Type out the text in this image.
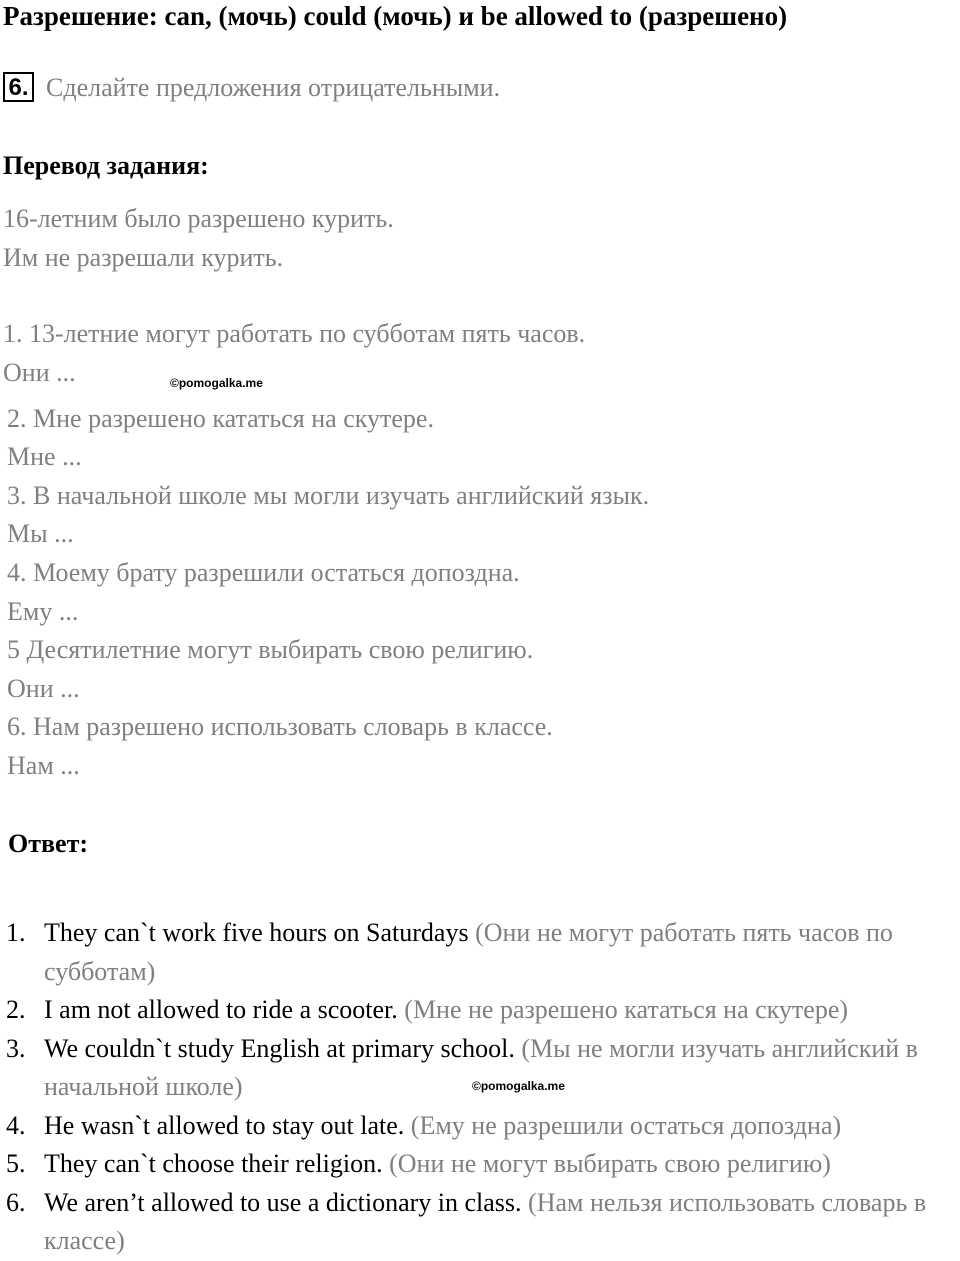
Разрешение: can, (мочь) could (мочь) и be allowed to (разрешено)
6. Сделайте предложения отрицательными.
Перевод задания:
16-летним было разрешено курить.
Им не разрешали курить.
1. 13-летние могут работать по субботам пять часов.
Они ...	©pomogalka.me
2. Мне разрешено кататься на скутере.
Мне ...
3. В начальной школе мы могли изучать английский язык.
Мы ...
4. Моему брату разрешили остаться допоздна.
Ему ...
5 Десятилетние могут выбирать свою религию.
Они ...
6. Нам разрешено использовать словарь в классе.
Нам ...
Ответ:
1. They can`t work five hours on Saturdays (Они не могут работать пять часов по субботам)
2. I am not allowed to ride a scooter. (Мне не разрешено кататься на скутере)
3. We couldn`t study English at primary school. (Мы не могли изучать английский в начальной школе)
4. He wasn`t allowed to stay out late. (Ему не разрешили остаться допоздна)
5. They can`t choose their religion. (Они не могут выбирать свою религию)
6. We aren’t allowed to use a dictionary in class. (Нам нельзя использовать словарь в классе)
©pomogalka.me
